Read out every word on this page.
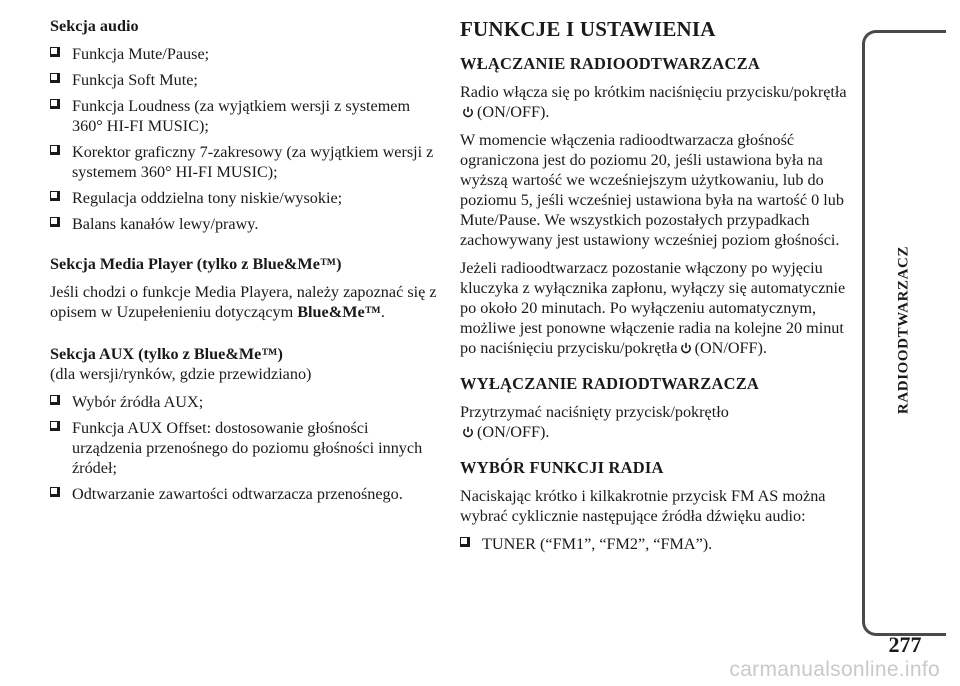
Sekcja audio

Funkcja Mute/Pause;

Funkcja Soft Mute;

Funkcja Loudness (za wyjątkiem wersji z systemem 360° HI-FI MUSIC);

Korektor graficzny 7-zakresowy (za wyjątkiem wersji z systemem 360° HI-FI MUSIC);

Regulacja oddzielna tony niskie/wysokie;

Balans kanałów lewy/prawy.

Sekcja Media Player (tylko z Blue&Me™)

Jeśli chodzi o funkcje Media Playera, należy zapoznać się z opisem w Uzupełenieniu dotyczącym Blue&Me™.

Sekcja AUX (tylko z Blue&Me™)

(dla wersji/rynków, gdzie przewidziano)

Wybór źródła AUX;

Funkcja AUX Offset: dostosowanie głośności urządzenia przenośnego do poziomu głośności innych źródeł;

Odtwarzanie zawartości odtwarzacza przenośnego.

FUNKCJE I USTAWIENIA

WŁĄCZANIE RADIOODTWARZACZA

Radio włącza się po krótkim naciśnięciu przycisku/pokrętła
(ON/OFF).

W momencie włączenia radioodtwarzacza głośność ograniczona jest do poziomu 20, jeśli ustawiona była na wyższą wartość we wcześniejszym użytkowaniu, lub do poziomu 5, jeśli wcześniej ustawiona była na wartość 0 lub Mute/Pause. We wszystkich pozostałych przypadkach zachowywany jest ustawiony wcześniej poziom głośności.

Jeżeli radioodtwarzacz pozostanie włączony po wyjęciu kluczyka z wyłącznika zapłonu, wyłączy się automatycznie po około 20 minutach. Po wyłączeniu automatycznym, możliwe jest ponowne włączenie radia na kolejne 20 minut po naciśnięciu przycisku/pokrętła (ON/OFF).

WYŁĄCZANIE RADIODTWARZACZA

Przytrzymać naciśnięty przycisk/pokrętło

(ON/OFF).

WYBÓR FUNKCJI RADIA

Naciskając krótko i kilkakrotnie przycisk FM AS można wybrać cyklicznie następujące źródła dźwięku audio:

TUNER (“FM1”, “FM2”, “FMA”).

RADIOODTWARZACZ
277
carmanualsonline.info
